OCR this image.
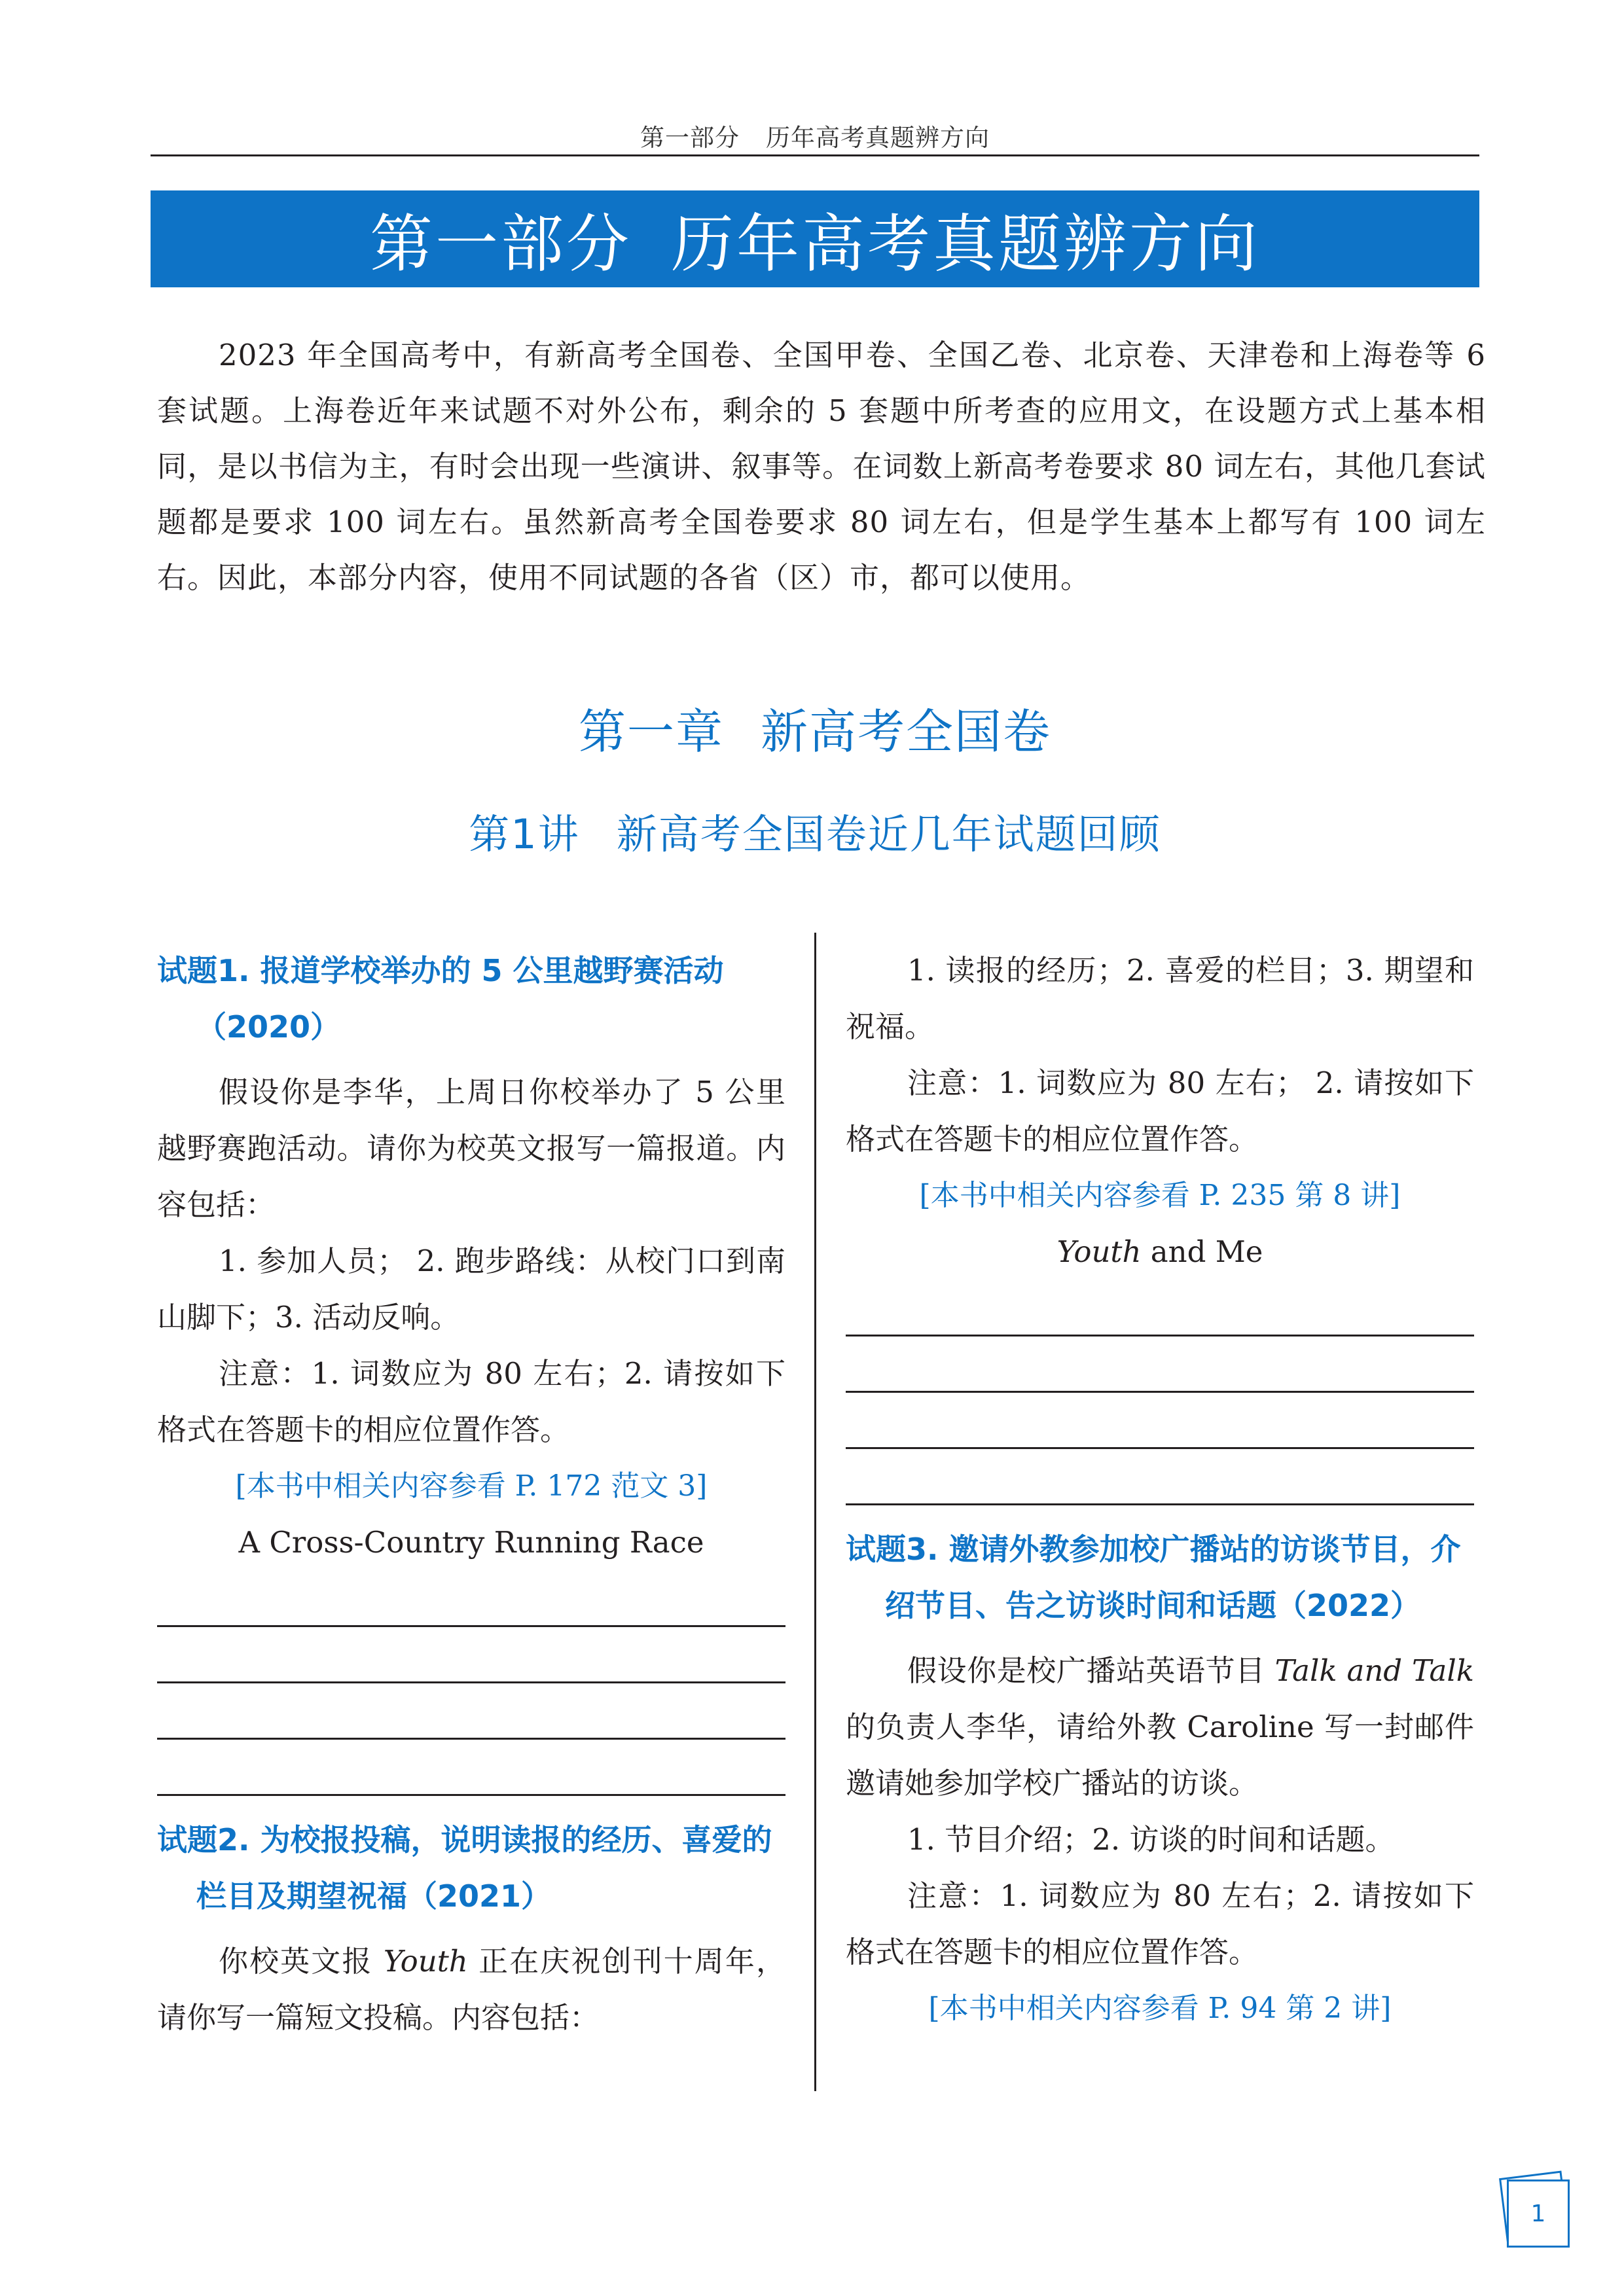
第一部分 历年高考真题辨方向
第一部分 历年高考真题辨方向

2023 年全国高考中，有新高考全国卷、全国甲卷、全国乙卷、北京卷、天津卷和上海卷等 6 套试题。上海卷近年来试题不对外公布，剩余的 5 套题中所考查的应用文，在设题方式上基本相同，是以书信为主，有时会出现一些演讲、叙事等。在词数上新高考卷要求 80 词左右，其他几套试题都是要求 100 词左右。虽然新高考全国卷要求 80 词左右，但是学生基本上都写有 100 词左右。因此，本部分内容，使用不同试题的各省（区）市，都可以使用。

第一章 新高考全国卷
第1讲 新高考全国卷近几年试题回顾
试题1. 报道学校举办的 5 公里越野赛活动（2020）

假设你是李华，上周日你校举办了 5 公里越野赛跑活动。请你为校英文报写一篇报道。内容包括：

1. 参加人员； 2. 跑步路线：从校门口到南山脚下；3. 活动反响。

注意：1. 词数应为 80 左右；2. 请按如下格式在答题卡的相应位置作答。

[本书中相关内容参看 P. 172 范文 3]

A Cross-Country Running Race

试题2. 为校报投稿，说明读报的经历、喜爱的栏目及期望祝福（2021）

你校英文报 Youth 正在庆祝创刊十周年，请你写一篇短文投稿。内容包括：

1. 读报的经历；2. 喜爱的栏目；3. 期望和祝福。

注意：1. 词数应为 80 左右； 2. 请按如下格式在答题卡的相应位置作答。

[本书中相关内容参看 P. 235 第 8 讲]

Youth and Me

试题3. 邀请外教参加校广播站的访谈节目，介绍节目、告之访谈时间和话题（2022）

假设你是校广播站英语节目 Talk and Talk 的负责人李华，请给外教 Caroline 写一封邮件邀请她参加学校广播站的访谈。

1. 节目介绍；2. 访谈的时间和话题。

注意：1. 词数应为 80 左右；2. 请按如下格式在答题卡的相应位置作答。

[本书中相关内容参看 P. 94 第 2 讲]

1
